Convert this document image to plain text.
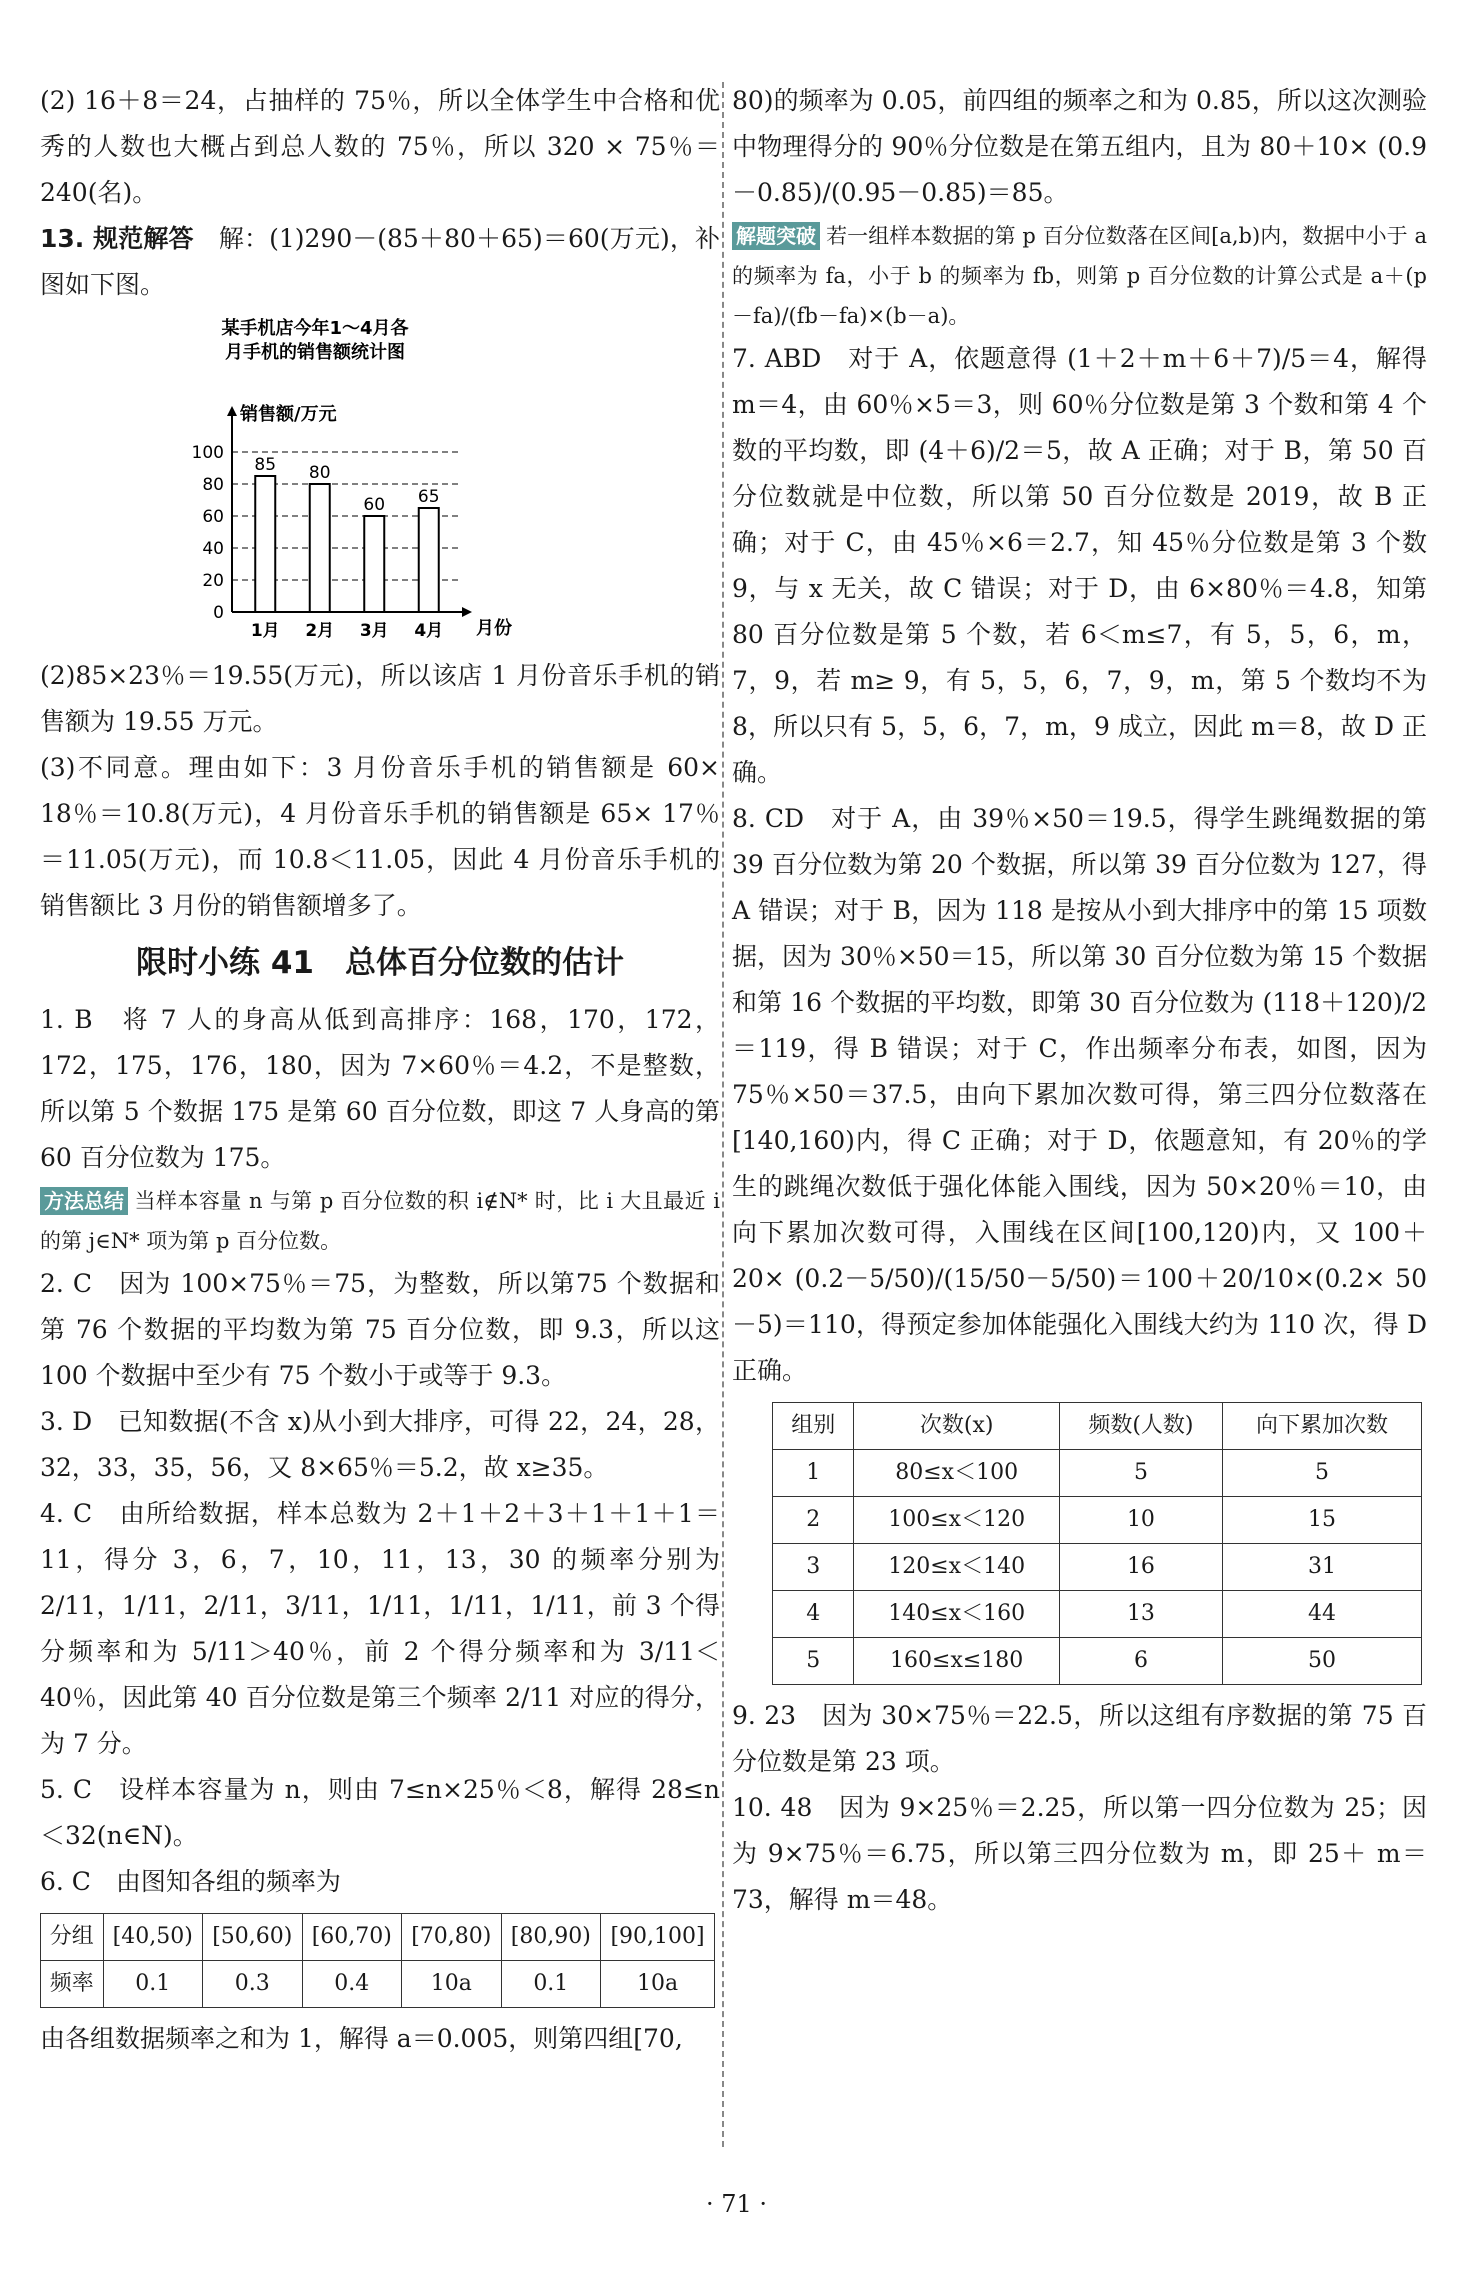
(2) 16＋8＝24，占抽样的 75％，所以全体学生中合格和优秀的人数也大概占到总人数的 75％，所以 320 × 75％＝240(名)。

13. 规范解答　 解：(1)290－(85＋80＋65)＝60(万元)，补图如下图。

某手机店今年1～4月各
月手机的销售额统计图
销售额/万元
月份
0
20
40
60
80
100
85
1月
80
2月
60
3月
65
4月

(2)85×23％＝19.55(万元)，所以该店 1 月份音乐手机的销售额为 19.55 万元。

(3)不同意。理由如下：3 月份音乐手机的销售额是 60× 18％＝10.8(万元)，4 月份音乐手机的销售额是 65× 17％＝11.05(万元)，而 10.8＜11.05，因此 4 月份音乐手机的销售额比 3 月份的销售额增多了。

限时小练 41　总体百分位数的估计

1. B　将 7 人的身高从低到高排序：168，170，172，172，175，176，180，因为 7×60％＝4.2，不是整数，所以第 5 个数据 175 是第 60 百分位数，即这 7 人身高的第 60 百分位数为 175。

方法总结 当样本容量 n 与第 p 百分位数的积 i∉N* 时，比 i 大且最近 i 的第 j∈N* 项为第 p 百分位数。

2. C　因为 100×75％＝75，为整数，所以第75 个数据和第 76 个数据的平均数为第 75 百分位数，即 9.3，所以这 100 个数据中至少有 75 个数小于或等于 9.3。

3. D　已知数据(不含 x)从小到大排序，可得 22，24，28，32，33，35，56，又 8×65％＝5.2，故 x≥35。

4. C　由所给数据，样本总数为 2＋1＋2＋3＋1＋1＋1＝11，得分 3，6，7，10，11，13，30 的频率分别为 2/11，1/11，2/11，3/11，1/11，1/11，1/11，前 3 个得分频率和为 5/11＞40％，前 2 个得分频率和为 3/11＜40％，因此第 40 百分位数是第三个频率 2/11 对应的得分，为 7 分。

5. C　设样本容量为 n，则由 7≤n×25％＜8，解得 28≤n＜32(n∈N)。

6. C　由图知各组的频率为

分组	[40,50)	[50,60)	[60,70)	[70,80)	[80,90)	[90,100]
频率	0.1	0.3	0.4	10a	0.1	10a

由各组数据频率之和为 1，解得 a＝0.005，则第四组[70,

80)的频率为 0.05，前四组的频率之和为 0.85，所以这次测验中物理得分的 90％分位数是在第五组内，且为 80＋10× (0.9－0.85)/(0.95－0.85)＝85。

解题突破 若一组样本数据的第 p 百分位数落在区间[a,b)内，数据中小于 a 的频率为 fa，小于 b 的频率为 fb，则第 p 百分位数的计算公式是 a＋(p－fa)/(fb－fa)×(b－a)。

7. ABD　对于 A，依题意得 (1＋2＋m＋6＋7)/5＝4，解得 m＝4，由 60％×5＝3，则 60％分位数是第 3 个数和第 4 个数的平均数，即 (4＋6)/2＝5，故 A 正确；对于 B，第 50 百分位数就是中位数，所以第 50 百分位数是 2019，故 B 正确；对于 C，由 45％×6＝2.7，知 45％分位数是第 3 个数 9，与 x 无关，故 C 错误；对于 D，由 6×80％＝4.8，知第 80 百分位数是第 5 个数，若 6＜m≤7，有 5，5，6，m，7，9，若 m≥ 9，有 5，5，6，7，9，m，第 5 个数均不为 8，所以只有 5，5，6，7，m，9 成立，因此 m＝8，故 D 正确。

8. CD　对于 A，由 39％×50＝19.5，得学生跳绳数据的第 39 百分位数为第 20 个数据，所以第 39 百分位数为 127，得 A 错误；对于 B，因为 118 是按从小到大排序中的第 15 项数据，因为 30％×50＝15，所以第 30 百分位数为第 15 个数据和第 16 个数据的平均数，即第 30 百分位数为 (118＋120)/2＝119，得 B 错误；对于 C，作出频率分布表，如图，因为 75％×50＝37.5，由向下累加次数可得，第三四分位数落在[140,160)内，得 C 正确；对于 D，依题意知，有 20％的学生的跳绳次数低于强化体能入围线，因为 50×20％＝10，由向下累加次数可得，入围线在区间[100,120)内，又 100＋20× (0.2－5/50)/(15/50－5/50)＝100＋20/10×(0.2× 50－5)＝110，得预定参加体能强化入围线大约为 110 次，得 D 正确。

组别	次数(x)	频数(人数)	向下累加次数
1	80≤x＜100	5	5
2	100≤x＜120	10	15
3	120≤x＜140	16	31
4	140≤x＜160	13	44
5	160≤x≤180	6	50

9. 23　因为 30×75％＝22.5，所以这组有序数据的第 75 百分位数是第 23 项。

10. 48　因为 9×25％＝2.25，所以第一四分位数为 25；因为 9×75％＝6.75，所以第三四分位数为 m，即 25＋ m＝73，解得 m＝48。

· 71 ·
